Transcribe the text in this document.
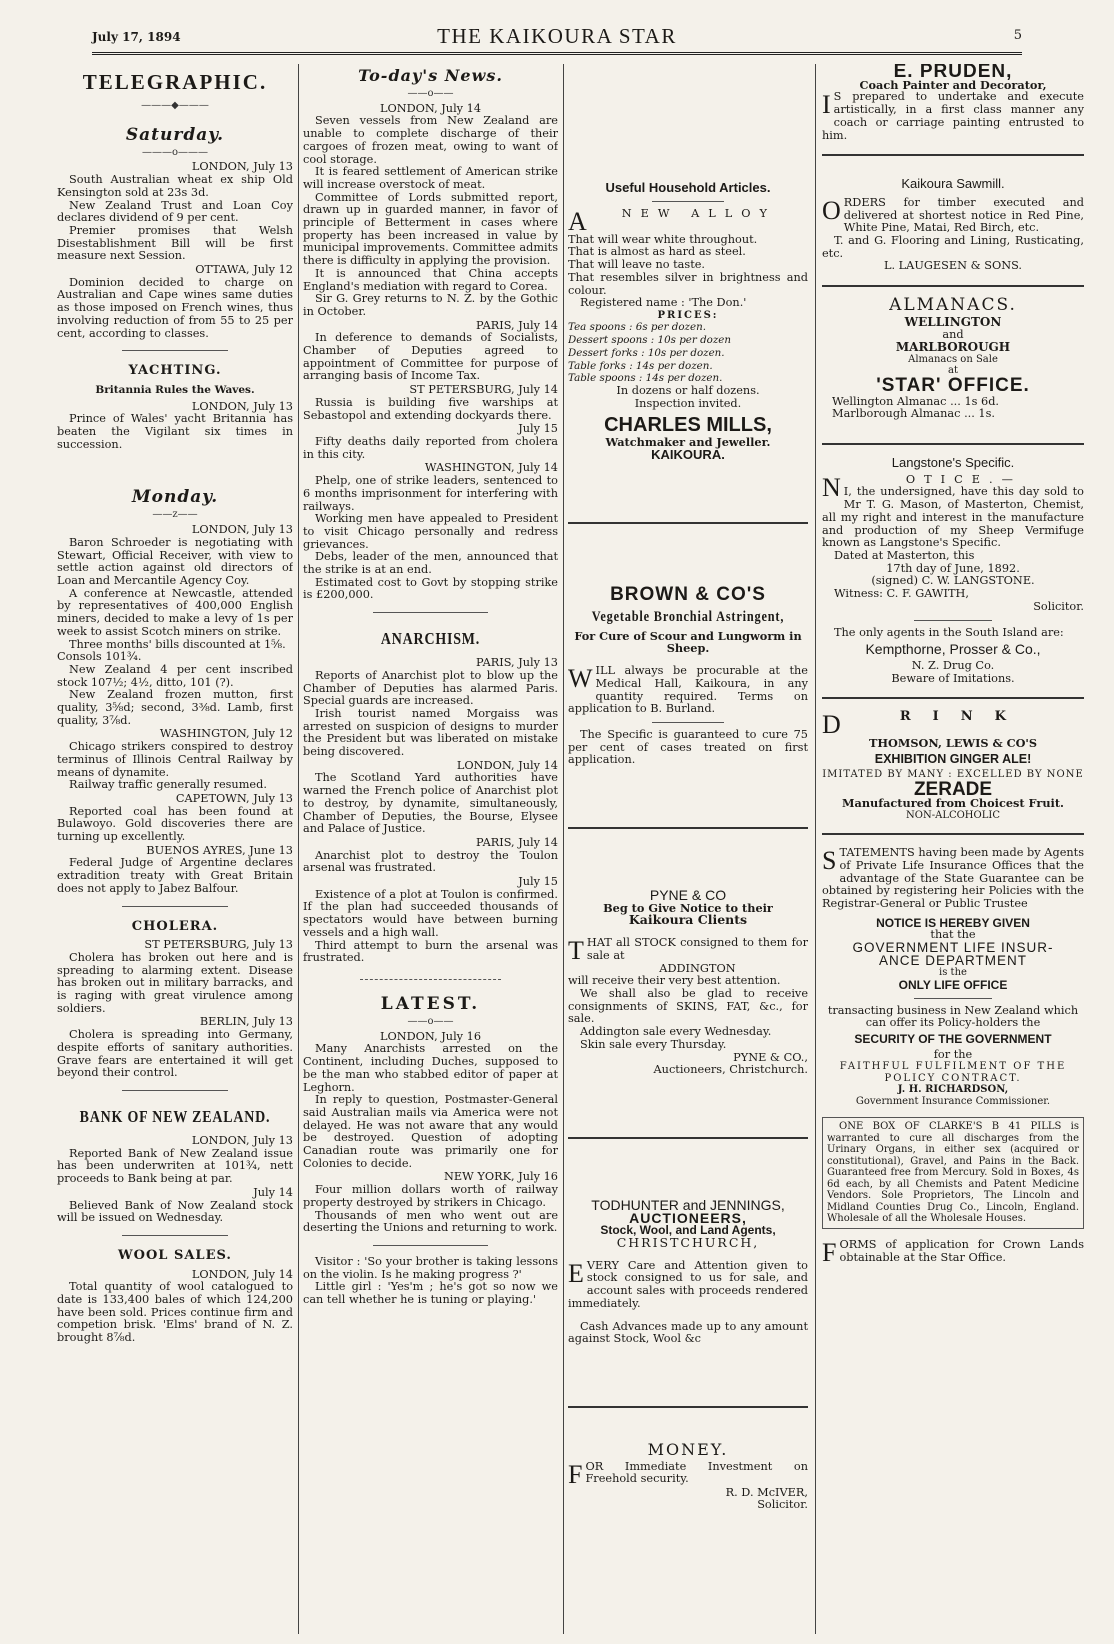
July 17, 1894	THE KAIKOURA STAR	5
TELEGRAPHIC.
———◆———
Saturday.
———o———

LONDON, July 13

South Australian wheat ex ship Old Kensington sold at 23s 3d.

New Zealand Trust and Loan Coy declares dividend of 9 per cent.

Premier promises that Welsh Disestablishment Bill will be first measure next Session.

OTTAWA, July 12

Dominion decided to charge on Australian and Cape wines same duties as those imposed on French wines, thus involving reduction of from 55 to 25 per cent, according to classes.

YACHTING.
Britannia Rules the Waves.

LONDON, July 13

Prince of Wales' yacht Britannia has beaten the Vigilant six times in succession.

Monday.
——z——

LONDON, July 13

Baron Schroeder is negotiating with Stewart, Official Receiver, with view to settle action against old directors of Loan and Mercantile Agency Coy.

A conference at Newcastle, attended by representatives of 400,000 English miners, decided to make a levy of 1s per week to assist Scotch miners on strike.

Three months' bills discounted at 1⅝.

Consols 101¾.

New Zealand 4 per cent inscribed stock 107½; 4½, ditto, 101 (?).

New Zealand frozen mutton, first quality, 3⅝d; second, 3⅜d. Lamb, first quality, 3⅞d.

WASHINGTON, July 12

Chicago strikers conspired to destroy terminus of Illinois Central Railway by means of dynamite.

Railway traffic generally resumed.

CAPETOWN, July 13

Reported coal has been found at Bulawoyo. Gold discoveries there are turning up excellently.

BUENOS AYRES, June 13

Federal Judge of Argentine declares extradition treaty with Great Britain does not apply to Jabez Balfour.

CHOLERA.

ST PETERSBURG, July 13

Cholera has broken out here and is spreading to alarming extent. Disease has broken out in military barracks, and is raging with great virulence among soldiers.

BERLIN, July 13

Cholera is spreading into Germany, despite efforts of sanitary authorities. Grave fears are entertained it will get beyond their control.

BANK OF NEW ZEALAND.

LONDON, July 13

Reported Bank of New Zealand issue has been underwriten at 101¾, nett proceeds to Bank being at par.

July 14

Believed Bank of Now Zealand stock will be issued on Wednesday.

WOOL SALES.

LONDON, July 14

Total quantity of wool catalogued to date is 133,400 bales of which 124,200 have been sold. Prices continue firm and competion brisk. 'Elms' brand of N. Z. brought 8⅞d.

To-day's News.
——o——

LONDON, July 14

Seven vessels from New Zealand are unable to complete discharge of their cargoes of frozen meat, owing to want of cool storage.

It is feared settlement of American strike will increase overstock of meat.

Committee of Lords submitted report, drawn up in guarded manner, in favor of principle of Betterment in cases where property has been increased in value by municipal improvements. Committee admits there is difficulty in applying the provision.

It is announced that China accepts England's mediation with regard to Corea.

Sir G. Grey returns to N. Z. by the Gothic in October.

PARIS, July 14

In deference to demands of Socialists, Chamber of Deputies agreed to appointment of Committee for purpose of arranging basis of Income Tax.

ST PETERSBURG, July 14

Russia is building five warships at Sebastopol and extending dockyards there.

July 15

Fifty deaths daily reported from cholera in this city.

WASHINGTON, July 14

Phelp, one of strike leaders, sentenced to 6 months imprisonment for interfering with railways.

Working men have appealed to President to visit Chicago personally and redress grievances.

Debs, leader of the men, announced that the strike is at an end.

Estimated cost to Govt by stopping strike is £200,000.

ANARCHISM.

PARIS, July 13

Reports of Anarchist plot to blow up the Chamber of Deputies has alarmed Paris. Special guards are increased.

Irish tourist named Morgaiss was arrested on suspicion of designs to murder the President but was liberated on mistake being discovered.

LONDON, July 14

The Scotland Yard authorities have warned the French police of Anarchist plot to destroy, by dynamite, simultaneously, Chamber of Deputies, the Bourse, Elysee and Palace of Justice.

PARIS, July 14

Anarchist plot to destroy the Toulon arsenal was frustrated.

July 15

Existence of a plot at Toulon is confirmed. If the plan had succeeded thousands of spectators would have between burning vessels and a high wall.

Third attempt to burn the arsenal was frustrated.

LATEST.
——o——

LONDON, July 16

Many Anarchists arrested on the Continent, including Duches, supposed to be the man who stabbed editor of paper at Leghorn.

In reply to question, Postmaster-General said Australian mails via America were not delayed. He was not aware that any would be destroyed. Question of adopting Canadian route was primarily one for Colonies to decide.

NEW YORK, July 16

Four million dollars worth of railway property destroyed by strikers in Chicago.

Thousands of men who went out are deserting the Unions and returning to work.

Visitor : 'So your brother is taking lessons on the violin. Is he making progress ?'

Little girl : 'Yes'm ; he's got so now we can tell whether he is tuning or playing.'

Useful Household Articles.
A	NEW ALLOY

That will wear white throughout.

That is almost as hard as steel.

That will leave no taste.

That resembles silver in brightness and colour.

Registered name : 'The Don.'

PRICES:

Tea spoons : 6s per dozen.

Dessert spoons : 10s per dozen

Dessert forks : 10s per dozen.

Table forks : 14s per dozen.

Table spoons : 14s per dozen.

In dozens or half dozens.

Inspection invited.

CHARLES MILLS,

Watchmaker and Jeweller.

KAIKOURA.
BROWN & CO'S
Vegetable Bronchial Astringent,

For Cure of Scour and Lungworm in Sheep.

W ILL always be procurable at the Medical Hall, Kaikoura, in any quantity required. Terms on application to B. Burland.

The Specific is guaranteed to cure 75 per cent of cases treated on first application.

PYNE & CO

Beg to Give Notice to their

Kaikoura Clients

T HAT all STOCK consigned to them for sale at

ADDINGTON

will receive their very best attention.

We shall also be glad to receive consignments of SKINS, FAT, &c., for sale.

Addington sale every Wednesday.

Skin sale every Thursday.

PYNE & CO.,

Auctioneers, Christchurch.

TODHUNTER and JENNINGS,
AUCTIONEERS,
Stock, Wool, and Land Agents,

CHRISTCHURCH,

E VERY Care and Attention given to stock consigned to us for sale, and account sales with proceeds rendered immediately.

Cash Advances made up to any amount against Stock, Wool &c

MONEY.
F OR Immediate Investment on Freehold security.

R. D. McIVER,

Solicitor.

E. PRUDEN,

Coach Painter and Decorator,

I S prepared to undertake and execute artistically, in a first class manner any coach or carriage painting entrusted to him.

Kaikoura Sawmill.
O RDERS for timber executed and delivered at shortest notice in Red Pine, White Pine, Matai, Red Birch, etc.

T. and G. Flooring and Lining, Rusticating, etc.

L. LAUGESEN & SONS.

ALMANACS.

WELLINGTON

and

MARLBOROUGH

Almanacs on Sale

at

'STAR' OFFICE.

Wellington Almanac ... 1s 6d.

Marlborough Almanac ... 1s.

Langstone's Specific.
N	OTICE.—

I, the undersigned, have this day sold to Mr T. G. Mason, of Masterton, Chemist, all my right and interest in the manufacture and production of my Sheep Vermifuge known as Langstone's Specific.

Dated at Masterton, this

17th day of June, 1892.

(signed) C. W. LANGSTONE.

Witness: C. F. GAWITH,

Solicitor.

The only agents in the South Island are:

Kempthorne, Prosser & Co.,

N. Z. Drug Co.

Beware of Imitations.

D	RINK

THOMSON, LEWIS & CO'S

EXHIBITION GINGER ALE!

IMITATED BY MANY : EXCELLED BY NONE

ZERADE

Manufactured from Choicest Fruit.

NON-ALCOHOLIC

S TATEMENTS having been made by Agents of Private Life Insurance Offices that the advantage of the State Guarantee can be obtained by registering heir Policies with the Registrar-General or Public Trustee

NOTICE IS HEREBY GIVEN

that the

GOVERNMENT LIFE INSUR-
ANCE DEPARTMENT

is the

ONLY LIFE OFFICE

transacting business in New Zealand which

can offer its Policy-holders the

SECURITY OF THE GOVERNMENT

for the

FAITHFUL FULFILMENT OF THE

POLICY CONTRACT.

J. H. RICHARDSON,

Government Insurance Commissioner.

ONE BOX OF CLARKE'S B 41 PILLS is warranted to cure all discharges from the Urinary Organs, in either sex (acquired or constitutional), Gravel, and Pains in the Back. Guaranteed free from Mercury. Sold in Boxes, 4s 6d each, by all Chemists and Patent Medicine Vendors. Sole Proprietors, The Lincoln and Midland Counties Drug Co., Lincoln, England. Wholesale of all the Wholesale Houses.

F ORMS of application for Crown Lands obtainable at the Star Office.
